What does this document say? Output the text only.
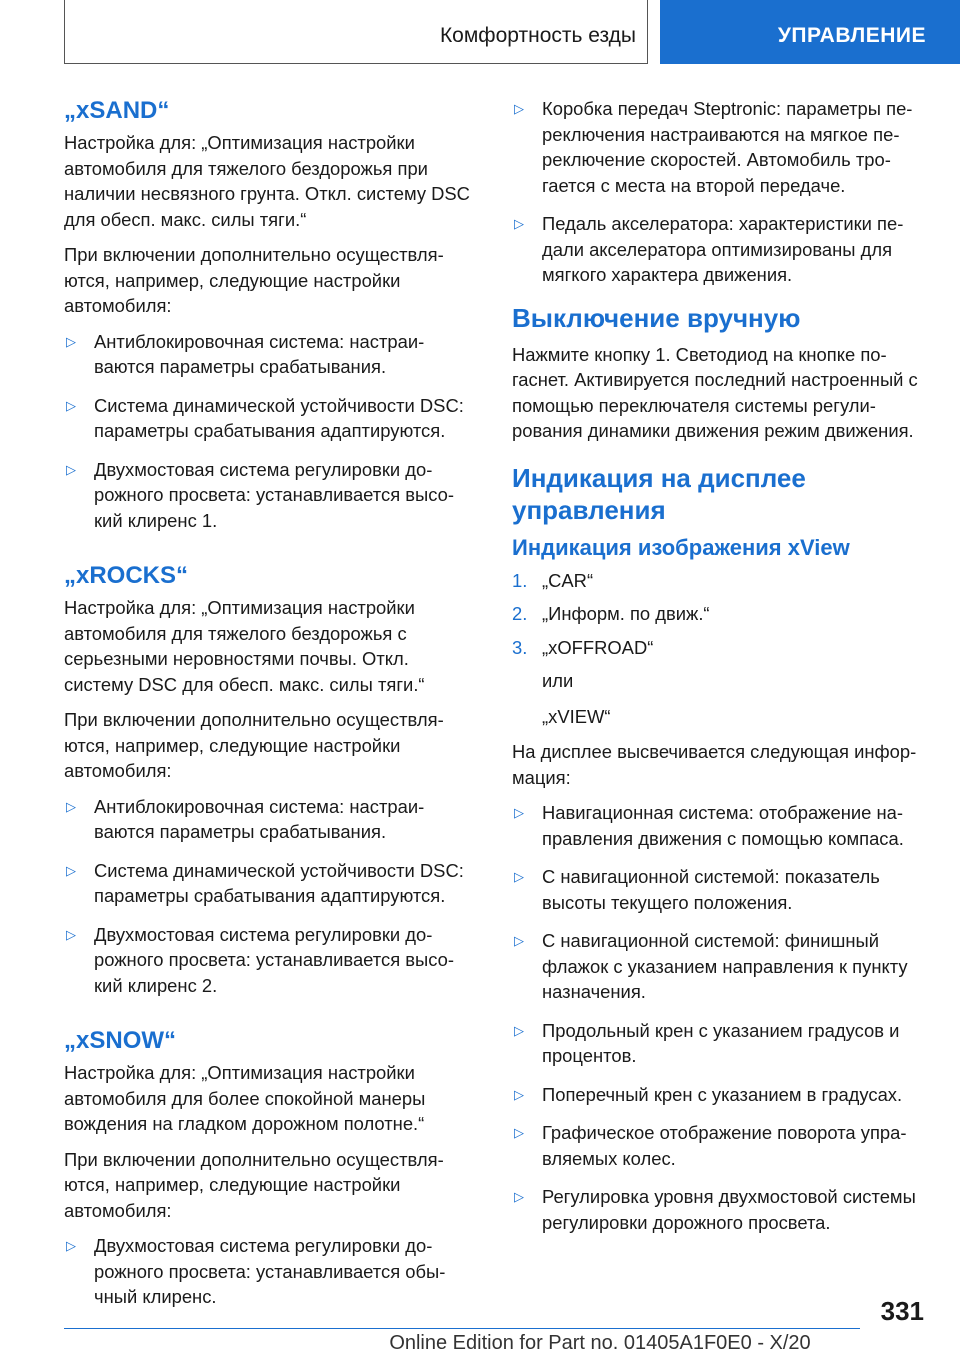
Комфортность езды	УПРАВЛЕНИЕ
„xSAND“

Настройка для: „Оптимизация настройки автомобиля для тяжелого бездорожья при наличии несвязного грунта. Откл. систему DSC для обесп. макс. силы тяги.“

При включении дополнительно осуществляются, например, следующие настройки автомобиля:

▷ Антиблокировочная система: настраиваются параметры срабатывания.
▷ Система динамической устойчивости DSC: параметры срабатывания адаптируются.
▷ Двухмостовая система регулировки дорожного просвета: устанавливается высокий клиренс 1.
„xROCKS“

Настройка для: „Оптимизация настройки автомобиля для тяжелого бездорожья с серьезными неровностями почвы. Откл. систему DSC для обесп. макс. силы тяги.“

При включении дополнительно осуществляются, например, следующие настройки автомобиля:

▷ Антиблокировочная система: настраиваются параметры срабатывания.
▷ Система динамической устойчивости DSC: параметры срабатывания адаптируются.
▷ Двухмостовая система регулировки дорожного просвета: устанавливается высокий клиренс 2.
„xSNOW“

Настройка для: „Оптимизация настройки автомобиля для более спокойной манеры вождения на гладком дорожном полотне.“

При включении дополнительно осуществляются, например, следующие настройки автомобиля:

▷ Двухмостовая система регулировки дорожного просвета: устанавливается обычный клиренс.
▷ Коробка передач Steptronic: параметры переключения настраиваются на мягкое переключение скоростей. Автомобиль трогается с места на второй передаче.
▷ Педаль акселератора: характеристики педали акселератора оптимизированы для мягкого характера движения.
Выключение вручную

Нажмите кнопку 1. Светодиод на кнопке погаснет. Активируется последний настроенный с помощью переключателя системы регулирования динамики движения режим движения.

Индикация на дисплее управления
Индикация изображения xView
1. „CAR“
2. „Информ. по движ.“
3. „xOFFROAD“

или

„xVIEW“

На дисплее высвечивается следующая информация:

▷ Навигационная система: отображение направления движения с помощью компаса.
▷ С навигационной системой: показатель высоты текущего положения.
▷ С навигационной системой: финишный флажок с указанием направления к пункту назначения.
▷ Продольный крен с указанием градусов и процентов.
▷ Поперечный крен с указанием в градусах.
▷ Графическое отображение поворота управляемых колес.
▷ Регулировка уровня двухмостовой системы регулировки дорожного просвета.
331
Online Edition for Part no. 01405A1F0E0 - X/20
